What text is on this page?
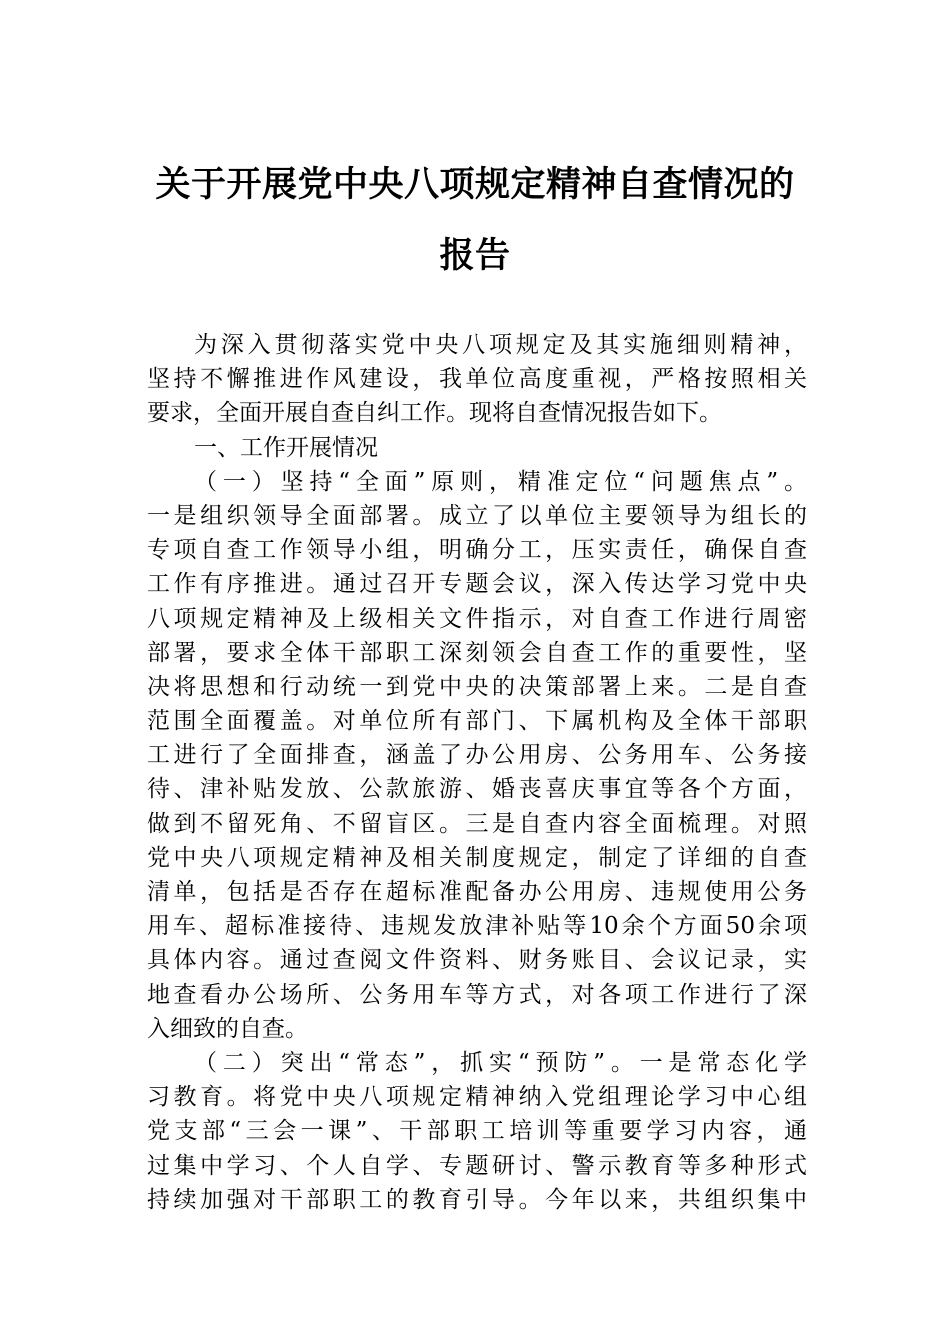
关于开展党中央八项规定精神自查情况的
报告
为深入贯彻落实党中央八项规定及其实施细则精神，
坚持不懈推进作风建设，我单位高度重视，严格按照相关
要求，全面开展自查自纠工作。现将自查情况报告如下。
一、工作开展情况
（一）坚持“全面”原则，精准定位“问题焦点”。
一是组织领导全面部署。成立了以单位主要领导为组长的
专项自查工作领导小组，明确分工，压实责任，确保自查
工作有序推进。通过召开专题会议，深入传达学习党中央
八项规定精神及上级相关文件指示，对自查工作进行周密
部署，要求全体干部职工深刻领会自查工作的重要性，坚
决将思想和行动统一到党中央的决策部署上来。二是自查
范围全面覆盖。对单位所有部门、下属机构及全体干部职
工进行了全面排查，涵盖了办公用房、公务用车、公务接
待、津补贴发放、公款旅游、婚丧喜庆事宜等各个方面，
做到不留死角、不留盲区。三是自查内容全面梳理。对照
党中央八项规定精神及相关制度规定，制定了详细的自查
清单，包括是否存在超标准配备办公用房、违规使用公务
用车、超标准接待、违规发放津补贴等10余个方面50余项
具体内容。通过查阅文件资料、财务账目、会议记录，实
地查看办公场所、公务用车等方式，对各项工作进行了深
入细致的自查。
（二）突出“常态”，抓实“预防”。一是常态化学
习教育。将党中央八项规定精神纳入党组理论学习中心组
党支部“三会一课”、干部职工培训等重要学习内容，通
过集中学习、个人自学、专题研讨、警示教育等多种形式
持续加强对干部职工的教育引导。今年以来，共组织集中
